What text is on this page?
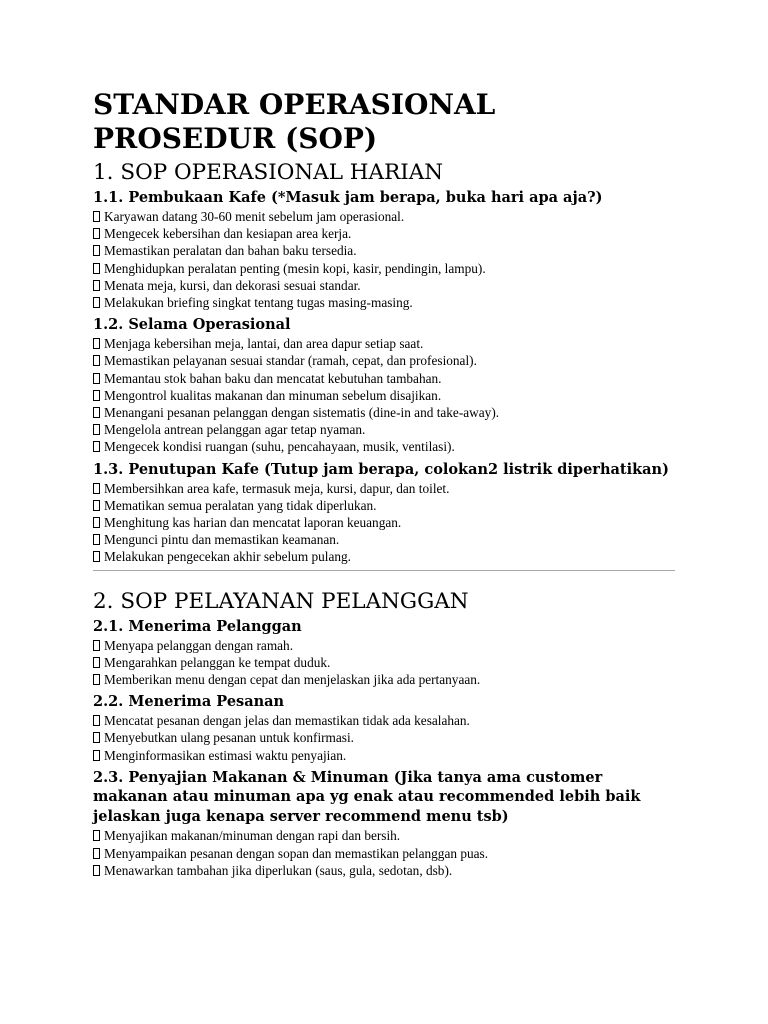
STANDAR OPERASIONAL PROSEDUR (SOP)
1. SOP OPERASIONAL HARIAN
1.1. Pembukaan Kafe (*Masuk jam berapa, buka hari apa aja?)
Karyawan datang 30-60 menit sebelum jam operasional.
Mengecek kebersihan dan kesiapan area kerja.
Memastikan peralatan dan bahan baku tersedia.
Menghidupkan peralatan penting (mesin kopi, kasir, pendingin, lampu).
Menata meja, kursi, dan dekorasi sesuai standar.
Melakukan briefing singkat tentang tugas masing-masing.
1.2. Selama Operasional
Menjaga kebersihan meja, lantai, dan area dapur setiap saat.
Memastikan pelayanan sesuai standar (ramah, cepat, dan profesional).
Memantau stok bahan baku dan mencatat kebutuhan tambahan.
Mengontrol kualitas makanan dan minuman sebelum disajikan.
Menangani pesanan pelanggan dengan sistematis (dine-in and take-away).
Mengelola antrean pelanggan agar tetap nyaman.
Mengecek kondisi ruangan (suhu, pencahayaan, musik, ventilasi).
1.3. Penutupan Kafe (Tutup jam berapa, colokan2 listrik diperhatikan)
Membersihkan area kafe, termasuk meja, kursi, dapur, dan toilet.
Mematikan semua peralatan yang tidak diperlukan.
Menghitung kas harian dan mencatat laporan keuangan.
Mengunci pintu dan memastikan keamanan.
Melakukan pengecekan akhir sebelum pulang.
2. SOP PELAYANAN PELANGGAN
2.1. Menerima Pelanggan
Menyapa pelanggan dengan ramah.
Mengarahkan pelanggan ke tempat duduk.
Memberikan menu dengan cepat dan menjelaskan jika ada pertanyaan.
2.2. Menerima Pesanan
Mencatat pesanan dengan jelas dan memastikan tidak ada kesalahan.
Menyebutkan ulang pesanan untuk konfirmasi.
Menginformasikan estimasi waktu penyajian.
2.3. Penyajian Makanan & Minuman (Jika tanya ama customer makanan atau minuman apa yg enak atau recommended lebih baik jelaskan juga kenapa server recommend menu tsb)
Menyajikan makanan/minuman dengan rapi dan bersih.
Menyampaikan pesanan dengan sopan dan memastikan pelanggan puas.
Menawarkan tambahan jika diperlukan (saus, gula, sedotan, dsb).
